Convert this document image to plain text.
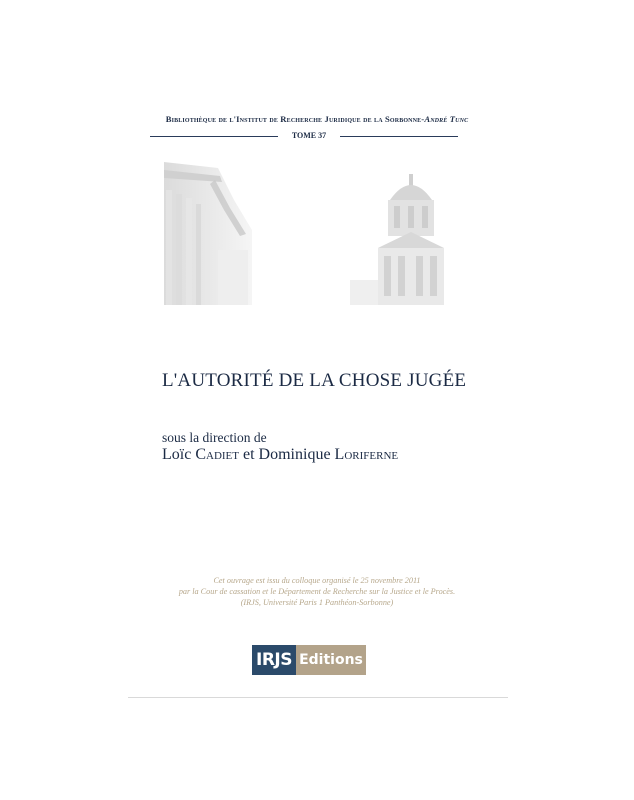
Bibliothèque de l'Institut de Recherche Juridique de la Sorbonne-André Tunc
TOME 37
L'AUTORITÉ DE LA CHOSE JUGÉE
sous la direction de
Loïc Cadiet et Dominique Loriferne
Cet ouvrage est issu du colloque organisé le 25 novembre 2011
par la Cour de cassation et le Département de Recherche sur la Justice et le Procès.
(IRJS, Université Paris 1 Panthéon-Sorbonne)
IRJS Editions
